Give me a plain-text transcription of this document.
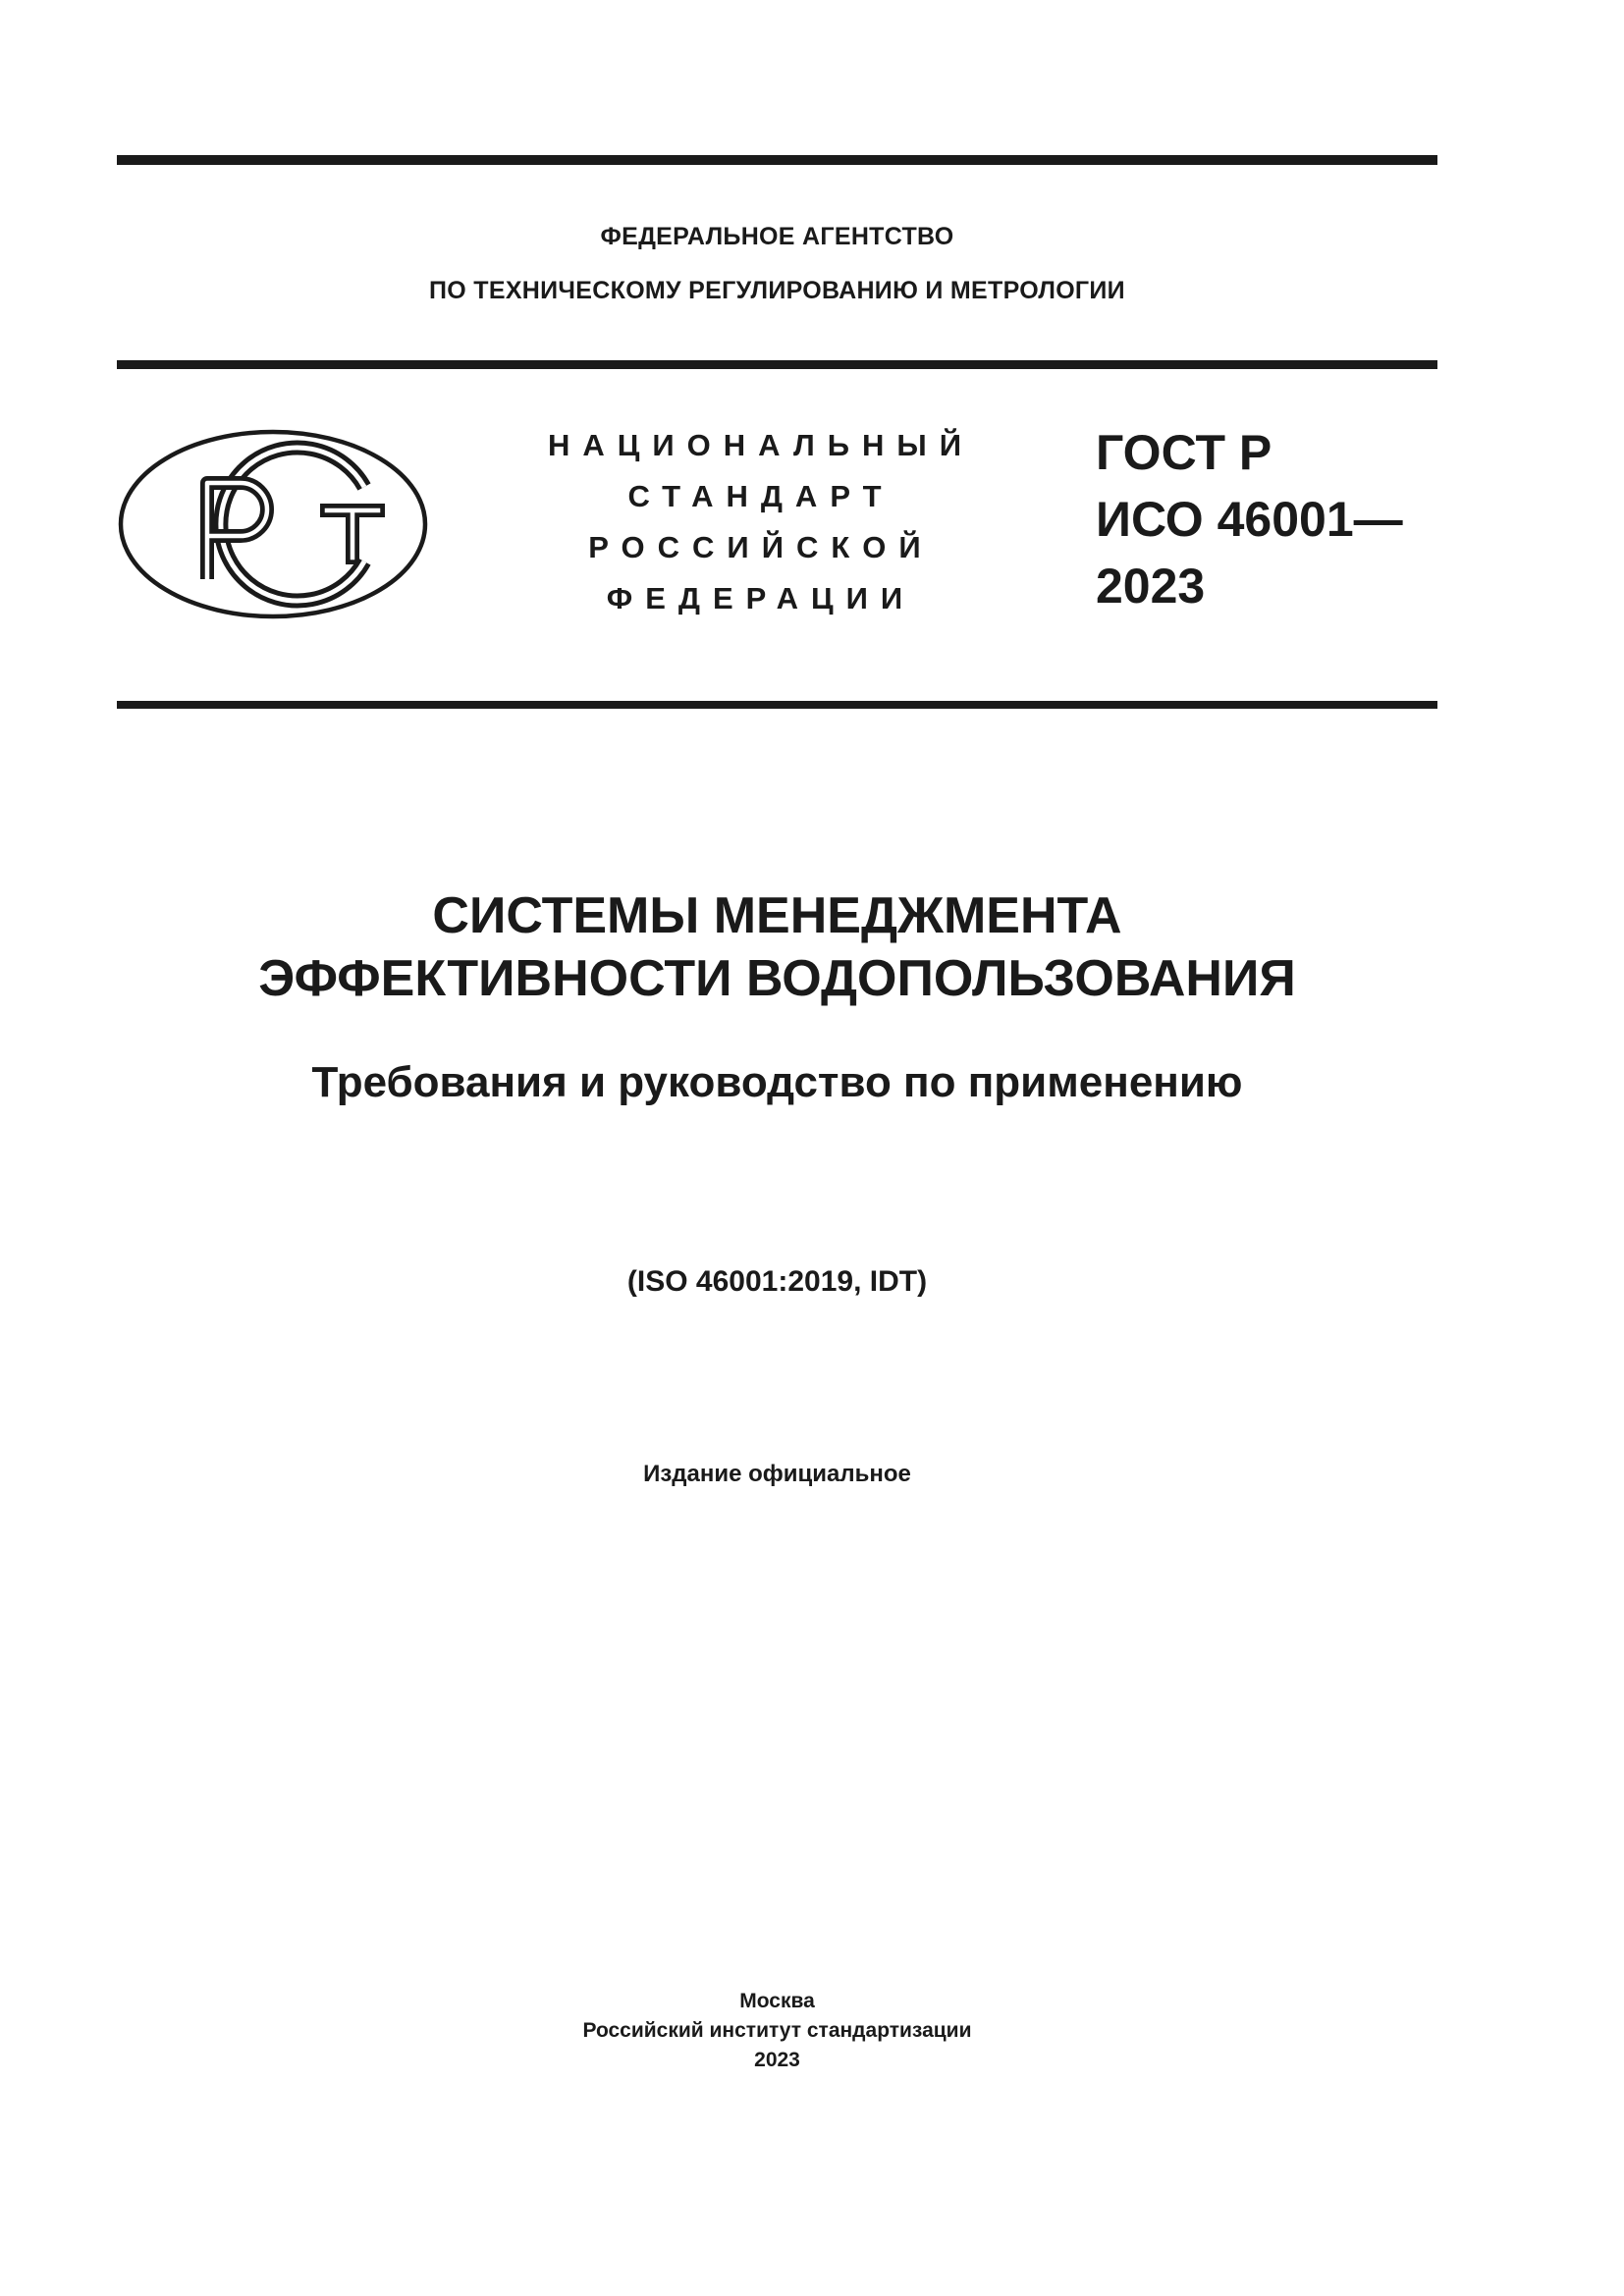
ФЕДЕРАЛЬНОЕ АГЕНТСТВО
ПО ТЕХНИЧЕСКОМУ РЕГУЛИРОВАНИЮ И МЕТРОЛОГИИ
НАЦИОНАЛЬНЫЙ
СТАНДАРТ
РОССИЙСКОЙ
ФЕДЕРАЦИИ
ГОСТ Р
ИСО 46001—
2023
СИСТЕМЫ МЕНЕДЖМЕНТА
ЭФФЕКТИВНОСТИ ВОДОПОЛЬЗОВАНИЯ
Требования и руководство по применению
(ISO 46001:2019, IDT)
Издание официальное
Москва
Российский институт стандартизации
2023
